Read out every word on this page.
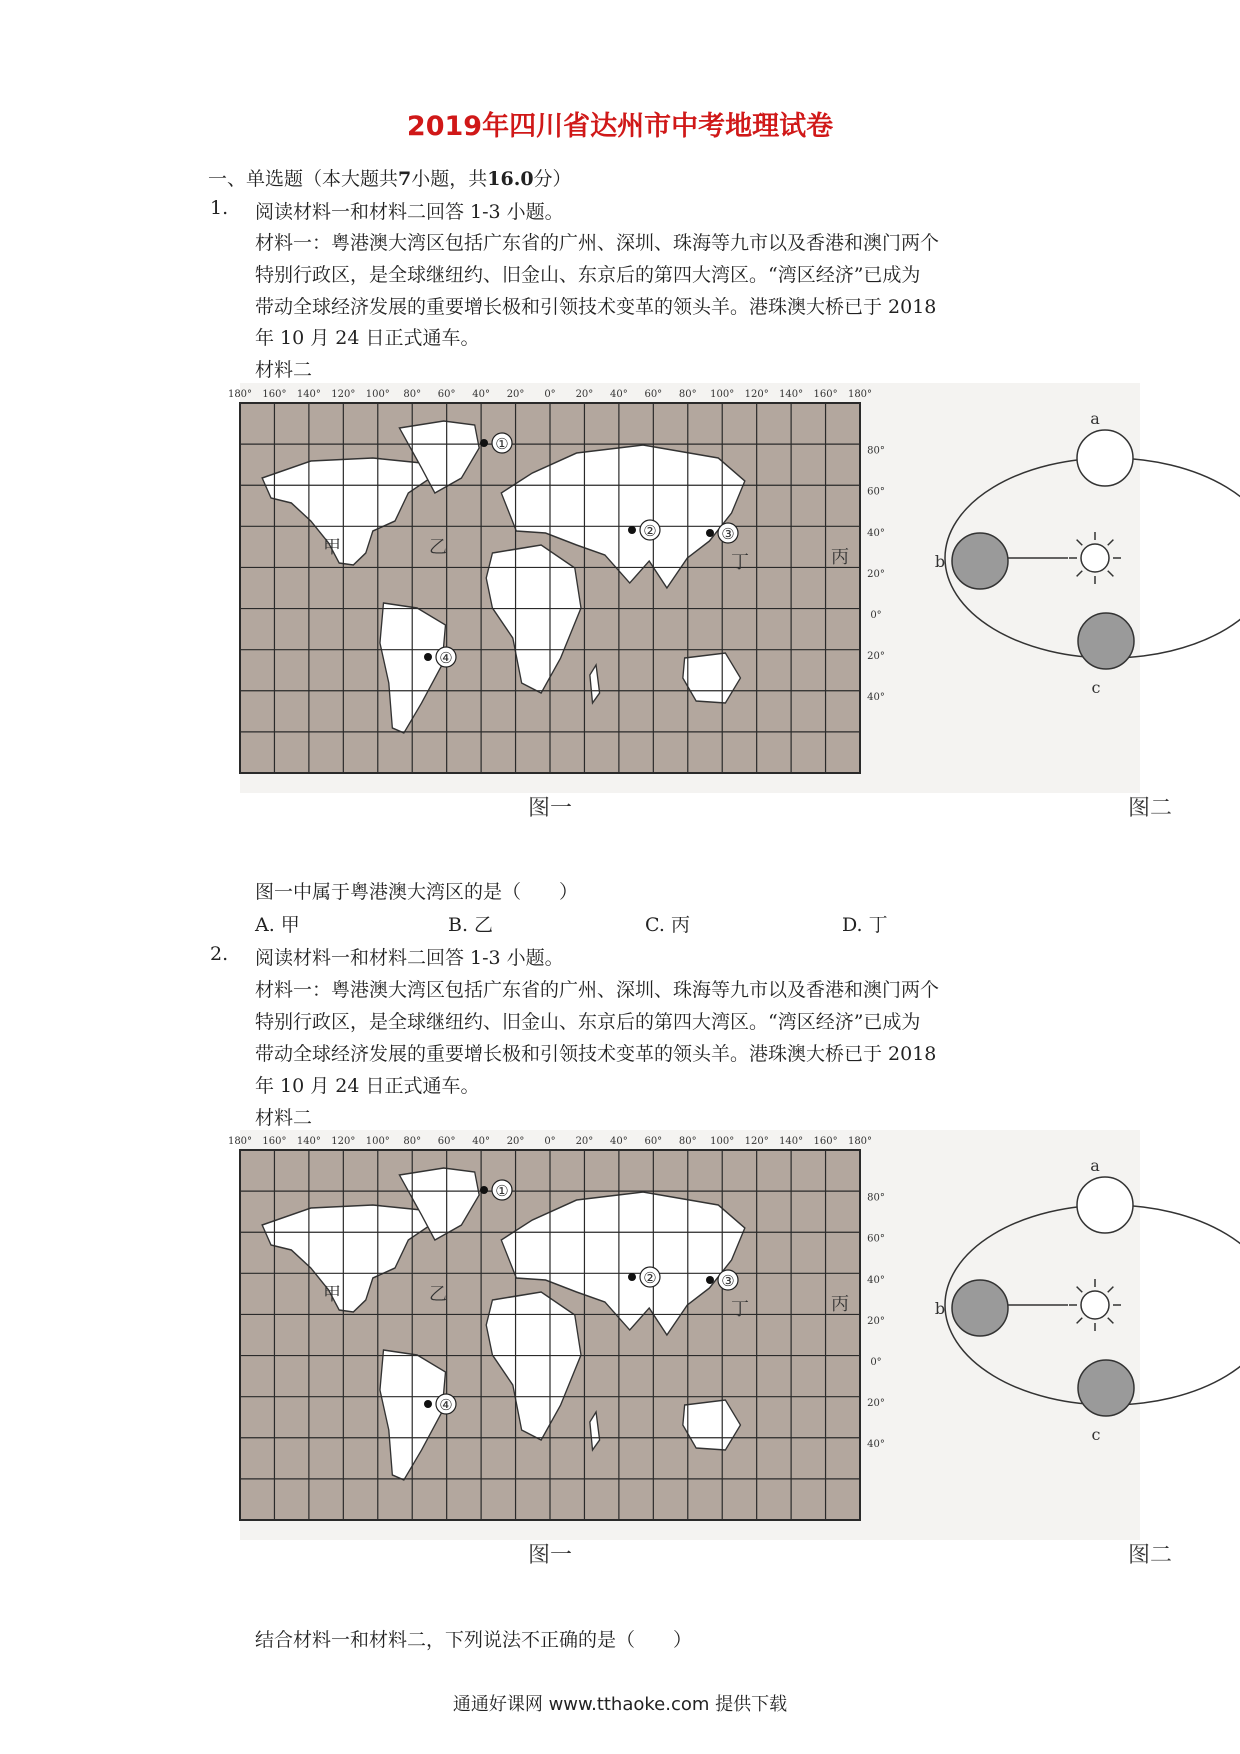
2019年四川省达州市中考地理试卷
一、单选题（本大题共7小题，共16.0分）
1. 阅读材料一和材料二回答 1-3 小题。
材料一：粤港澳大湾区包括广东省的广州、深圳、珠海等九市以及香港和澳门两个
特别行政区，是全球继纽约、旧金山、东京后的第四大湾区。“湾区经济”已成为
带动全球经济发展的重要增长极和引领技术变革的领头羊。港珠澳大桥已于 2018
年 10 月 24 日正式通车。
材料二
①
②	③
④
甲	乙	丙
丁
180° 160° 140° 120° 100° 80° 60° 40° 20° 0° 20° 40° 60° 80° 100° 120° 140° 160° 180°
80°
60°
40°
20°
0°
20°
40°
图一
a
b
c
图二
图一中属于粤港澳大湾区的是（　　）
A. 甲	B. 乙	C. 丙	D. 丁
2. 阅读材料一和材料二回答 1-3 小题。
材料一：粤港澳大湾区包括广东省的广州、深圳、珠海等九市以及香港和澳门两个
特别行政区，是全球继纽约、旧金山、东京后的第四大湾区。“湾区经济”已成为
带动全球经济发展的重要增长极和引领技术变革的领头羊。港珠澳大桥已于 2018
年 10 月 24 日正式通车。
材料二
①
②	③
④
甲	乙	丙
丁
180° 160° 140° 120° 100° 80° 60° 40° 20° 0° 20° 40° 60° 80° 100° 120° 140° 160° 180°
80°
60°
40°
20°
0°
20°
40°
图一
a
b
c
图二
结合材料一和材料二，下列说法不正确的是（　　）
通通好课网 www.tthaoke.com 提供下载
